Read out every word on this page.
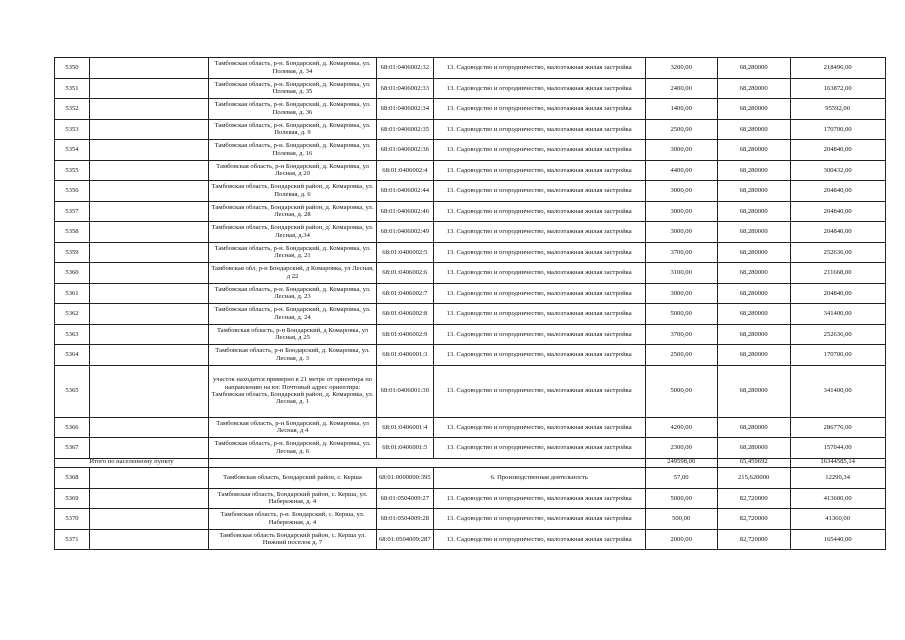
5350		Тамбовская область, р-н. Бондарский, д. Комаровка, ул. Полевая, д. 34	68:01:0406002:32	13. Садоводство и огородничество, малоэтажная жилая застройка	3200,00	68,280000	218496,00
5351		Тамбовская область, р-н. Бондарский, д. Комаровка, ул. Полевая, д. 35	68:01:0406002:33	13. Садоводство и огородничество, малоэтажная жилая застройка	2400,00	68,280000	163872,00
5352		Тамбовская область, р-н. Бондарский, д. Комаровка, ул. Полевая, д. 36	68:01:0406002:34	13. Садоводство и огородничество, малоэтажная жилая застройка	1400,00	68,280000	95592,00
5353		Тамбовская область, р-н. Бондарский, д. Комаровка, ул. Полевая, д. 9	68:01:0406002:35	13. Садоводство и огородничество, малоэтажная жилая застройка	2500,00	68,280000	170700,00
5354		Тамбовская область, р-н. Бондарский, д. Комаровка, ул. Полевая, д. 16	68:01:0406002:36	13. Садоводство и огородничество, малоэтажная жилая застройка	3000,00	68,280000	204840,00
5355		Тамбовская область, р-н Бондарский, д. Комаровка, ул Лесная, д 20	68:01:0406002:4	13. Садоводство и огородничество, малоэтажная жилая застройка	4400,00	68,280000	300432,00
5356		Тамбовская область, Бондарский район, д. Комаровка, ул. Полевая, д. 6	68:01:0406002:44	13. Садоводство и огородничество, малоэтажная жилая застройка	3000,00	68,280000	204840,00
5357		Тамбовская область, Бондарский район, д. Комаровка, ул. Лесная, д. 28	68:01:0406002:46	13. Садоводство и огородничество, малоэтажная жилая застройка	3000,00	68,280000	204840,00
5358		Тамбовская область, Бондарский район, д. Комаровка, ул. Лесная, д.34	68:01:0406002:49	13. Садоводство и огородничество, малоэтажная жилая застройка	3000,00	68,280000	204840,00
5359		Тамбовская область, р-н. Бондарский, д. Комаровка, ул. Лесная, д. 21	68:01:0406002:5	13. Садоводство и огородничество, малоэтажная жилая застройка	3700,00	68,280000	252636,00
5360		Тамбовская обл, р-н Бондарский, д Комаровка, ул Лесная, д 22	68:01:0406002:6	13. Садоводство и огородничество, малоэтажная жилая застройка	3100,00	68,280000	211668,00
5361		Тамбовская область, р-н. Бондарский, д. Комаровка, ул. Лесная, д. 23	68:01:0406002:7	13. Садоводство и огородничество, малоэтажная жилая застройка	3000,00	68,280000	204840,00
5362		Тамбовская область, р-н. Бондарский, д. Комаровка, ул. Лесная, д. 24	68:01:0406002:8	13. Садоводство и огородничество, малоэтажная жилая застройка	5000,00	68,280000	341400,00
5363		Тамбовская область, р-н Бондарский, д Комаровка, ул Лесная, д 25	68:01:0406002:9	13. Садоводство и огородничество, малоэтажная жилая застройка	3700,00	68,280000	252636,00
5364		Тамбовская область, р-н Бондарский, д. Комаровка, ул. Лесная, д. 3	68:01:0406001:3	13. Садоводство и огородничество, малоэтажная жилая застройка	2500,00	68,280000	170700,00
5365		участок находится примерно в 21 метре от ориентира по направлению на юг. Почтовый адрес ориентира: Тамбовская область, Бондарский район, д. Комаровка, ул. Лесная, д. 1	68:01:0406001:30	13. Садоводство и огородничество, малоэтажная жилая застройка	5000,00	68,280000	341400,00
5366		Тамбовская область, р-н Бондарский, д. Комаровка, ул Лесная, д 4	68:01:0406001:4	13. Садоводство и огородничество, малоэтажная жилая застройка	4200,00	68,280000	286776,00
5367		Тамбовская область, р-н. Бондарский, д. Комаровка, ул. Лесная, д. 6	68:01:0406001:5	13. Садоводство и огородничество, малоэтажная жилая застройка	2300,00	68,280000	157044,00
Итого по населенному пункту					249598,00	65,459692	16344585,14
5368		Тамбовская область, Бондарский район, с. Керша	68:01:0000000:395	6. Производственная деятельность	57,00	215,620000	12290,34
5369		Тамбовская область, Бондарский район, с. Керша, ул. Набережная, д. 4	68:01:0504009:27	13. Садоводство и огородничество, малоэтажная жилая застройка	5000,00	82,720000	413600,00
5370		Тамбовская область, р-н. Бондарский, с. Керша, ул. Набережная, д. 4	68:01:0504009:28	13. Садоводство и огородничество, малоэтажная жилая застройка	500,00	82,720000	41360,00
5371		Тамбовская область Бондарский район, с. Керша ул. Нижний поселок д. 7	68:01:0504009:287	13. Садоводство и огородничество, малоэтажная жилая застройка	2000,00	82,720000	165440,00
